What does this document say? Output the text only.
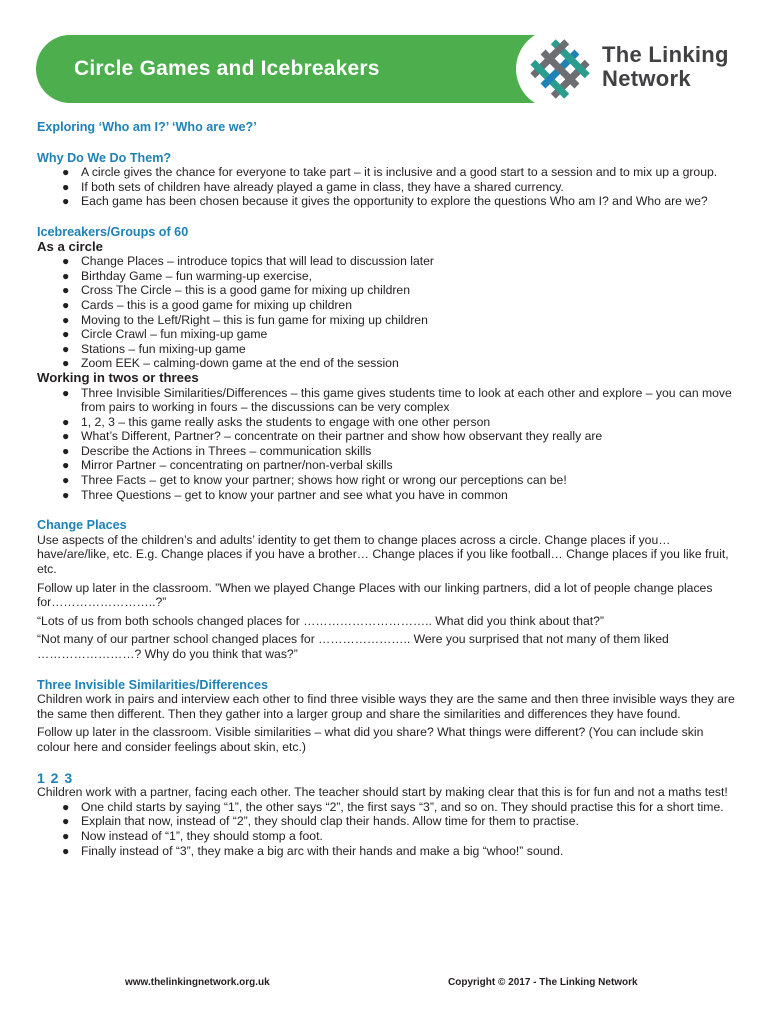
Circle Games and Icebreakers
The Linking
Network

Exploring ‘Who am I?’ ‘Who are we?’

Why Do We Do Them?

● A circle gives the chance for everyone to take part – it is inclusive and a good start to a session and to mix up a group.
● If both sets of children have already played a game in class, they have a shared currency.
● Each game has been chosen because it gives the opportunity to explore the questions Who am I? and Who are we?

Icebreakers/Groups of 60

As a circle

● Change Places – introduce topics that will lead to discussion later
● Birthday Game – fun warming-up exercise,
● Cross The Circle – this is a good game for mixing up children
● Cards – this is a good game for mixing up children
● Moving to the Left/Right – this is fun game for mixing up children
● Circle Crawl – fun mixing-up game
● Stations – fun mixing-up game
● Zoom EEK – calming-down game at the end of the session

Working in twos or threes

● Three Invisible Similarities/Differences – this game gives students time to look at each other and explore – you can move from pairs to working in fours – the discussions can be very complex
● 1, 2, 3 – this game really asks the students to engage with one other person
● What’s Different, Partner? – concentrate on their partner and show how observant they really are
● Describe the Actions in Threes – communication skills
● Mirror Partner – concentrating on partner/non-verbal skills
● Three Facts – get to know your partner; shows how right or wrong our perceptions can be!
● Three Questions – get to know your partner and see what you have in common

Change Places

Use aspects of the children’s and adults’ identity to get them to change places across a circle. Change places if you… have/are/like, etc. E.g. Change places if you have a brother… Change places if you like football… Change places if you like fruit, etc.

Follow up later in the classroom. ”When we played Change Places with our linking partners, did a lot of people change places for……………………..?”

“Lots of us from both schools changed places for ………………………….. What did you think about that?”

“Not many of our partner school changed places for ………………….. Were you surprised that not many of them liked ……………………? Why do you think that was?”

Three Invisible Similarities/Differences

Children work in pairs and interview each other to find three visible ways they are the same and then three invisible ways they are the same then different. Then they gather into a larger group and share the similarities and differences they have found.

Follow up later in the classroom. Visible similarities – what did you share? What things were different? (You can include skin colour here and consider feelings about skin, etc.)

1 2 3

Children work with a partner, facing each other. The teacher should start by making clear that this is for fun and not a maths test!

● One child starts by saying “1”, the other says “2”, the first says “3”, and so on. They should practise this for a short time.
● Explain that now, instead of “2”, they should clap their hands. Allow time for them to practise.
● Now instead of “1”, they should stomp a foot.
● Finally instead of “3”, they make a big arc with their hands and make a big “whoo!” sound.
www.thelinkingnetwork.org.uk	Copyright © 2017 - The Linking Network
